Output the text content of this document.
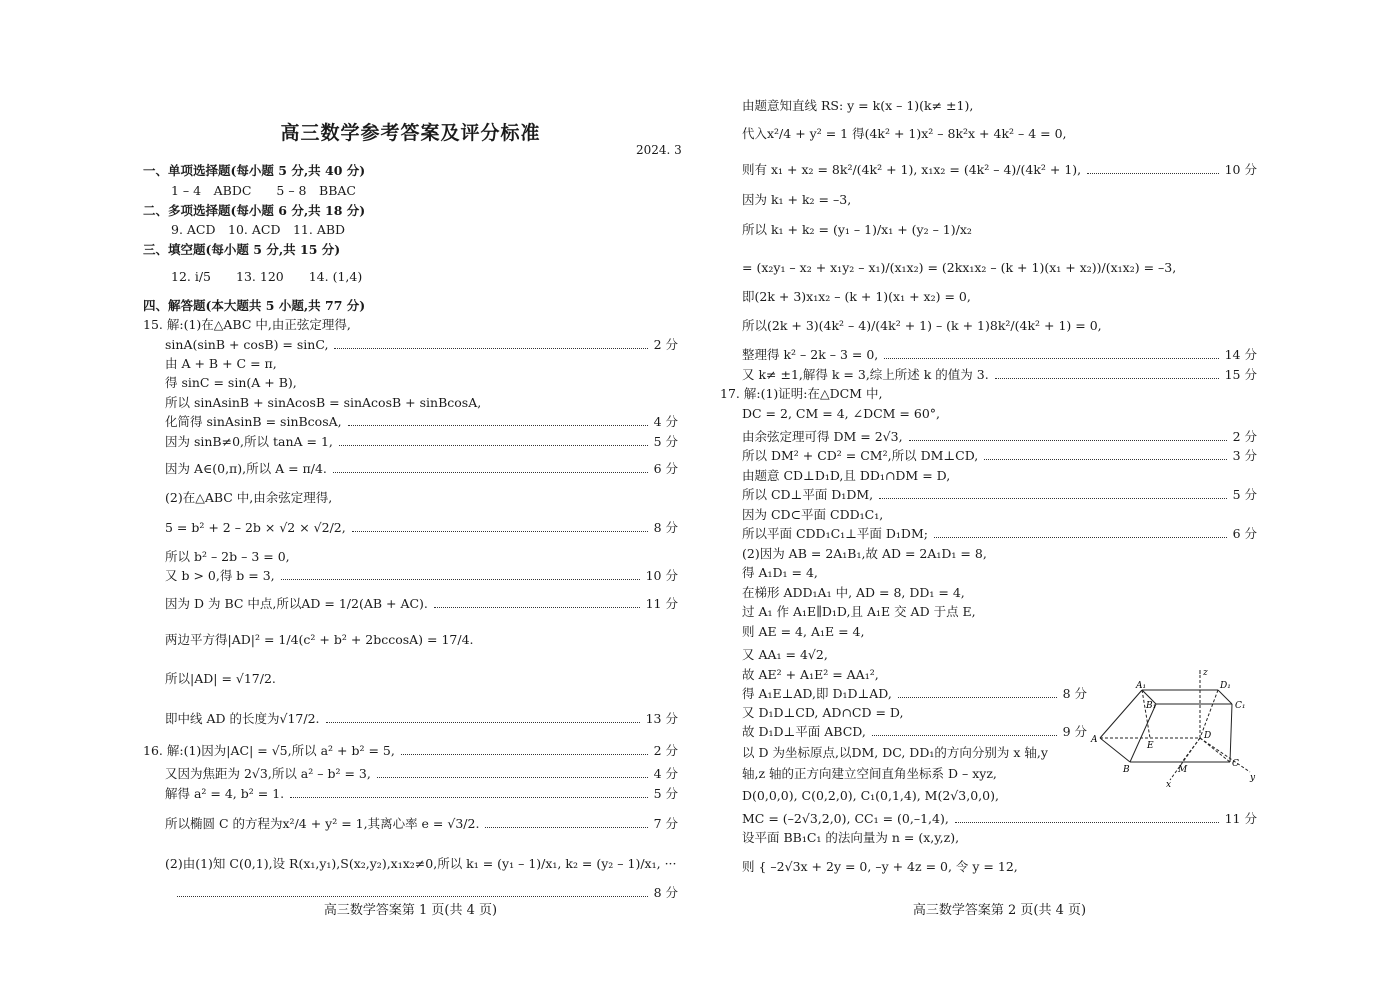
高三数学参考答案及评分标准
2024. 3
一、单项选择题(每小题 5 分,共 40 分)
1 – 4　ABDC　　5 – 8　BBAC
二、多项选择题(每小题 6 分,共 18 分)
9. ACD　10. ACD　11. ABD
三、填空题(每小题 5 分,共 15 分)
12. i/5　　13. 120　　14. (1,4)
四、解答题(本大题共 5 小题,共 77 分)
15. 解:(1)在△ABC 中,由正弦定理得,
sinA(sinB + cosB) = sinC,	2 分
由 A + B + C = π,
得 sinC = sin(A + B),
所以 sinAsinB + sinAcosB = sinAcosB + sinBcosA,
化简得 sinAsinB = sinBcosA,	4 分
因为 sinB≠0,所以 tanA = 1,	5 分
因为 A∈(0,π),所以 A = π/4.	6 分
(2)在△ABC 中,由余弦定理得,
5 = b² + 2 – 2b × √2 × √2/2,	8 分
所以 b² – 2b – 3 = 0,
又 b > 0,得 b = 3,	10 分
因为 D 为 BC 中点,所以AD = 1/2(AB + AC).	11 分
两边平方得|AD|² = 1/4(c² + b² + 2bccosA) = 17/4.
所以|AD| = √17/2.
即中线 AD 的长度为√17/2.	13 分
16. 解:(1)因为|AC| = √5,所以 a² + b² = 5,	2 分
又因为焦距为 2√3,所以 a² – b² = 3,	4 分
解得 a² = 4, b² = 1.	5 分
所以椭圆 C 的方程为x²/4 + y² = 1,其离心率 e = √3/2.	7 分
(2)由(1)知 C(0,1),设 R(x₁,y₁),S(x₂,y₂),x₁x₂≠0,所以 k₁ = (y₁ – 1)/x₁, k₂ = (y₂ – 1)/x₁, ···
8 分
由题意知直线 RS: y = k(x – 1)(k≠ ±1),
代入x²/4 + y² = 1 得(4k² + 1)x² – 8k²x + 4k² – 4 = 0,
则有 x₁ + x₂ = 8k²/(4k² + 1), x₁x₂ = (4k² – 4)/(4k² + 1),	10 分
因为 k₁ + k₂ = –3,
所以 k₁ + k₂ = (y₁ – 1)/x₁ + (y₂ – 1)/x₂
= (x₂y₁ – x₂ + x₁y₂ – x₁)/(x₁x₂) = (2kx₁x₂ – (k + 1)(x₁ + x₂))/(x₁x₂) = –3,
即(2k + 3)x₁x₂ – (k + 1)(x₁ + x₂) = 0,
所以(2k + 3)(4k² – 4)/(4k² + 1) – (k + 1)8k²/(4k² + 1) = 0,
整理得 k² – 2k – 3 = 0,	14 分
又 k≠ ±1,解得 k = 3,综上所述 k 的值为 3.	15 分
17. 解:(1)证明:在△DCM 中,
DC = 2, CM = 4, ∠DCM = 60°,
由余弦定理可得 DM = 2√3,	2 分
所以 DM² + CD² = CM²,所以 DM⊥CD,	3 分
由题意 CD⊥D₁D,且 DD₁∩DM = D,
所以 CD⊥平面 D₁DM,	5 分
因为 CD⊂平面 CDD₁C₁,
所以平面 CDD₁C₁⊥平面 D₁DM;	6 分
(2)因为 AB = 2A₁B₁,故 AD = 2A₁D₁ = 8,
得 A₁D₁ = 4,
在梯形 ADD₁A₁ 中, AD = 8, DD₁ = 4,
过 A₁ 作 A₁E∥D₁D,且 A₁E 交 AD 于点 E,
则 AE = 4, A₁E = 4,
又 AA₁ = 4√2,
故 AE² + A₁E² = AA₁²,
得 A₁E⊥AD,即 D₁D⊥AD,	8 分
又 D₁D⊥CD, AD∩CD = D,
故 D₁D⊥平面 ABCD,	9 分
以 D 为坐标原点,以DM, DC, DD₁的方向分别为 x 轴,y
轴,z 轴的正方向建立空间直角坐标系 D – xyz,
D(0,0,0), C(0,2,0), C₁(0,1,4), M(2√3,0,0),
MC = (–2√3,2,0), CC₁ = (0,–1,4),	11 分
设平面 BB₁C₁ 的法向量为 n = (x,y,z),
则 { –2√3x + 2y = 0, –y + 4z = 0, 令 y = 12,
A₁	D₁
B₁	C₁
A
E
D
B	M
C
x
y
z
高三数学答案第 1 页(共 4 页)	高三数学答案第 2 页(共 4 页)
